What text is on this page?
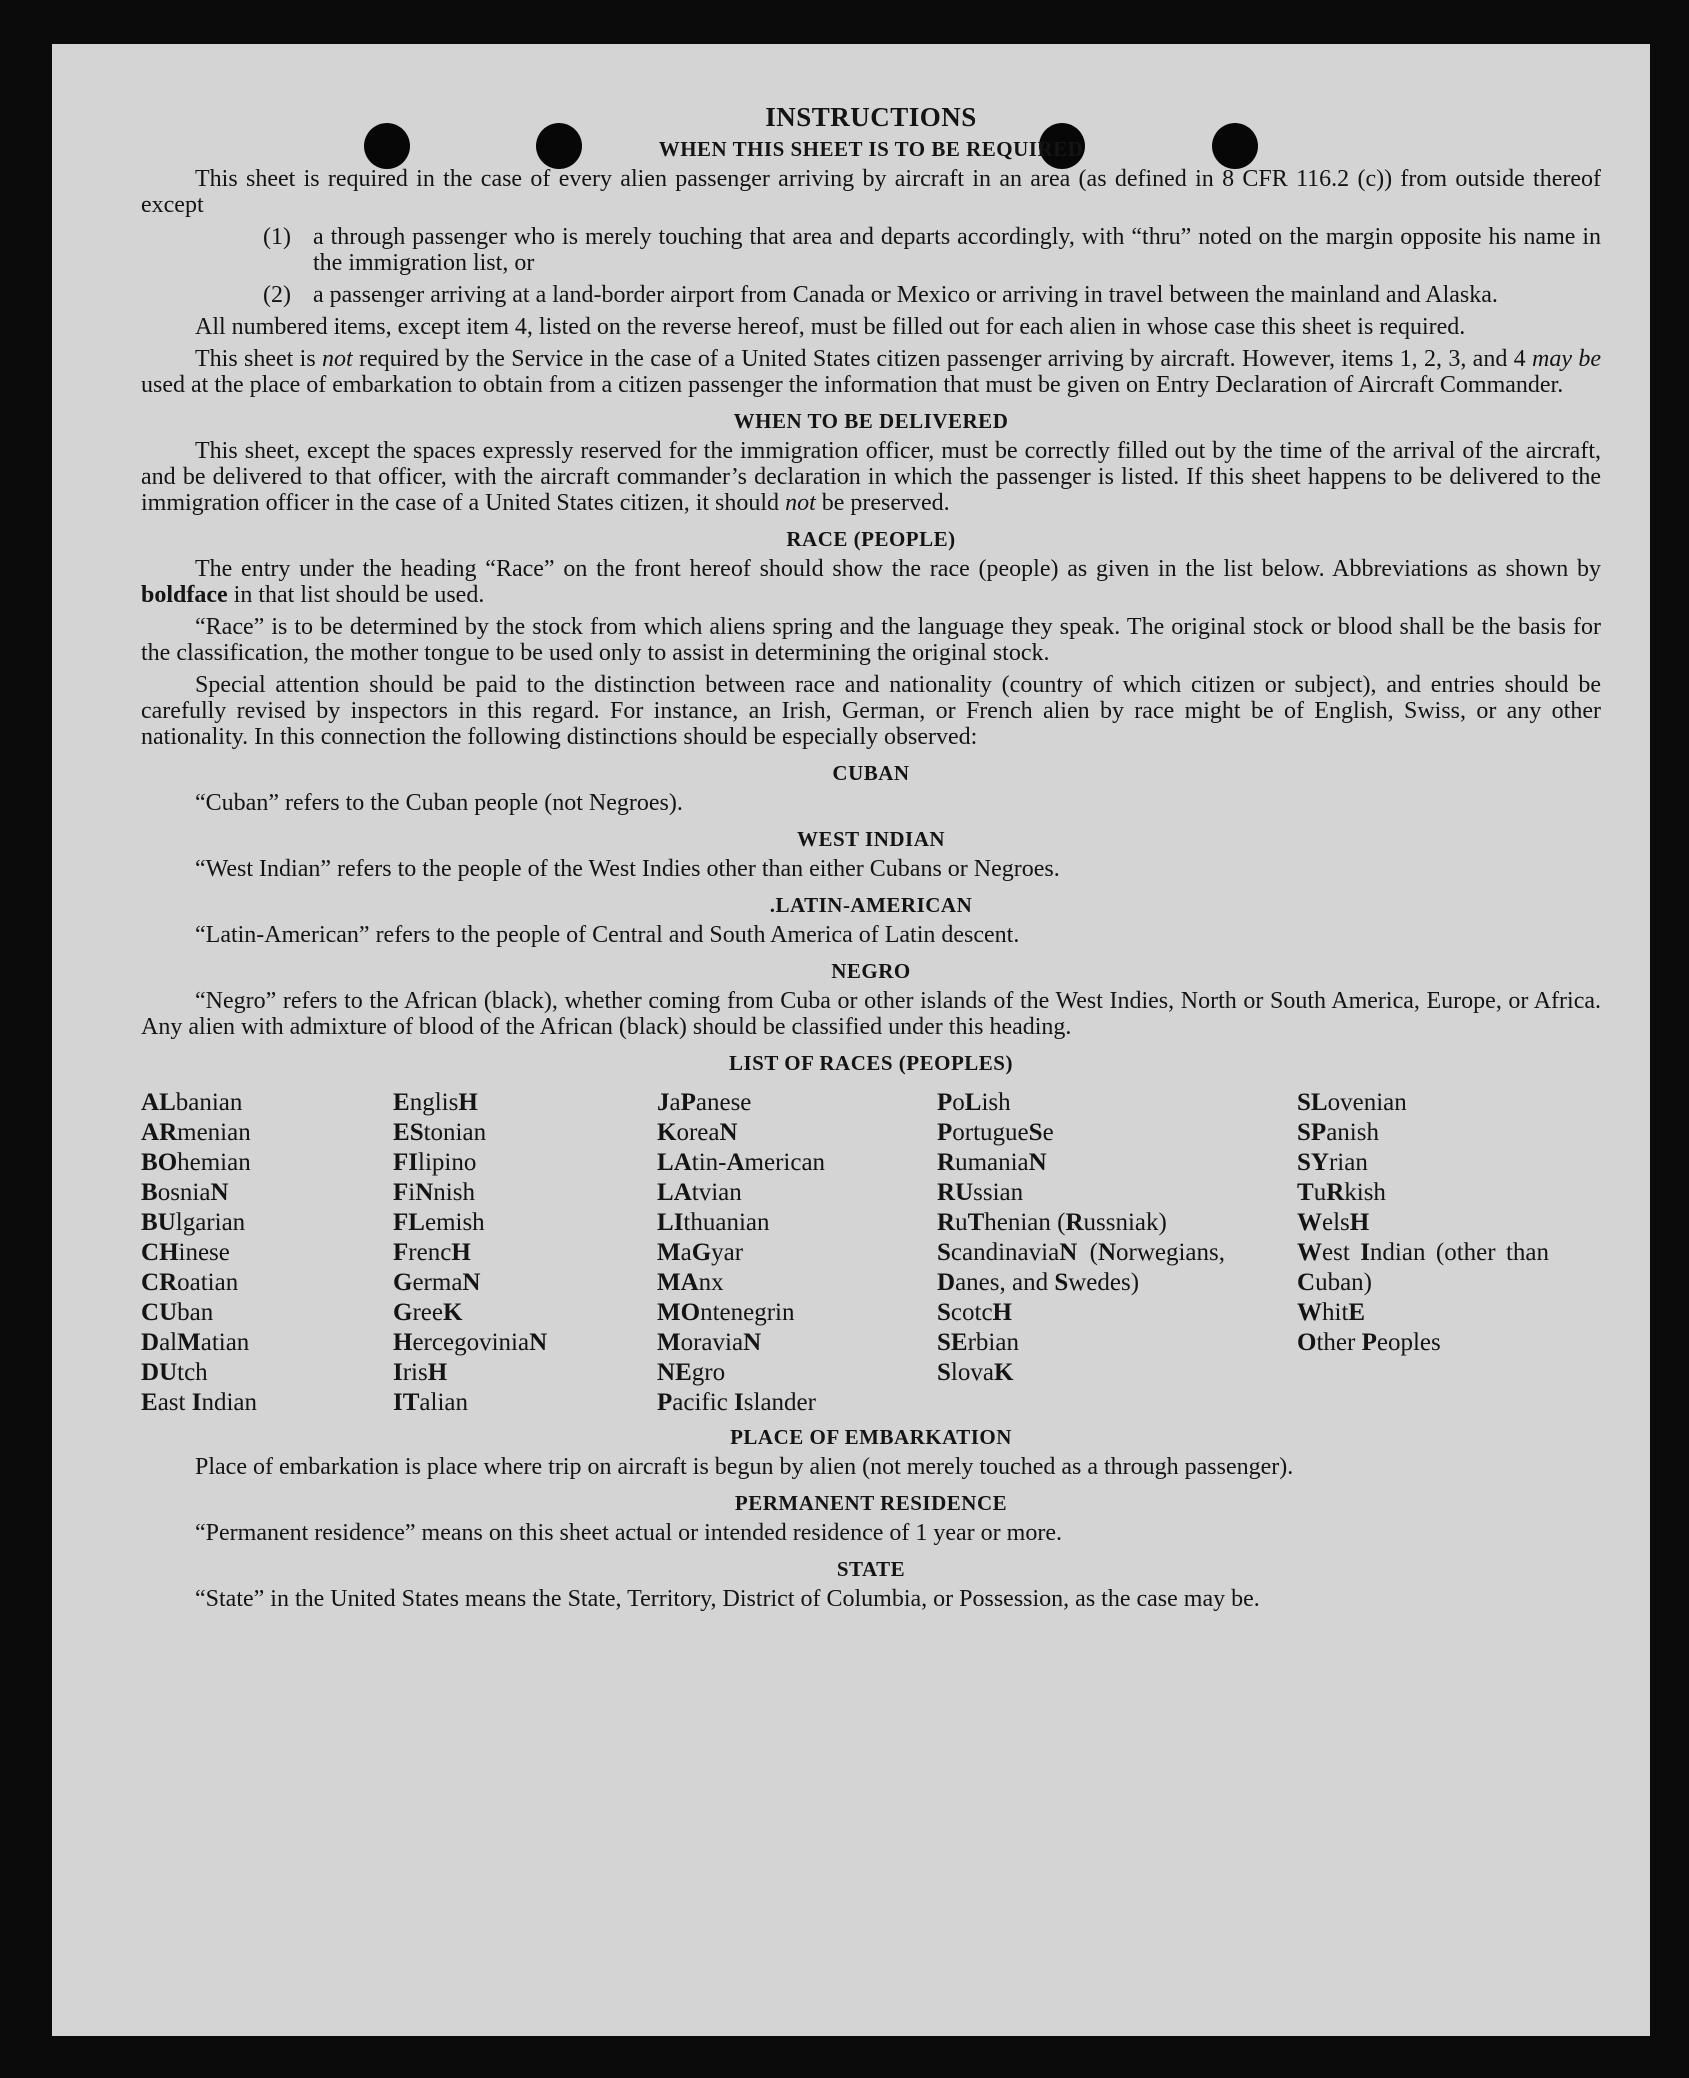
INSTRUCTIONS
WHEN THIS SHEET IS TO BE REQUIRED

This sheet is required in the case of every alien passenger arriving by aircraft in an area (as defined in 8 CFR 116.2 (c)) from outside thereof except

(1) a through passenger who is merely touching that area and departs accordingly, with “thru” noted on the margin opposite his name in the immigration list, or
(2) a passenger arriving at a land-border airport from Canada or Mexico or arriving in travel between the mainland and Alaska.

All numbered items, except item 4, listed on the reverse hereof, must be filled out for each alien in whose case this sheet is required.

This sheet is not required by the Service in the case of a United States citizen passenger arriving by aircraft. However, items 1, 2, 3, and 4 may be used at the place of embarkation to obtain from a citizen passenger the information that must be given on Entry Declaration of Aircraft Commander.

WHEN TO BE DELIVERED

This sheet, except the spaces expressly reserved for the immigration officer, must be correctly filled out by the time of the arrival of the aircraft, and be delivered to that officer, with the aircraft commander’s declaration in which the passenger is listed. If this sheet happens to be delivered to the immigration officer in the case of a United States citizen, it should not be preserved.

RACE (PEOPLE)

The entry under the heading “Race” on the front hereof should show the race (people) as given in the list below. Abbreviations as shown by boldface in that list should be used.

“Race” is to be determined by the stock from which aliens spring and the language they speak. The original stock or blood shall be the basis for the classification, the mother tongue to be used only to assist in determining the original stock.

Special attention should be paid to the distinction between race and nationality (country of which citizen or subject), and entries should be carefully revised by inspectors in this regard. For instance, an Irish, German, or French alien by race might be of English, Swiss, or any other nationality. In this connection the following distinctions should be especially observed:

CUBAN

“Cuban” refers to the Cuban people (not Negroes).

WEST INDIAN

“West Indian” refers to the people of the West Indies other than either Cubans or Negroes.

.LATIN-AMERICAN

“Latin-American” refers to the people of Central and South America of Latin descent.

NEGRO

“Negro” refers to the African (black), whether coming from Cuba or other islands of the West Indies, North or South America, Europe, or Africa. Any alien with admixture of blood of the African (black) should be classified under this heading.

LIST OF RACES (PEOPLES)
ALbanian
ARmenian
BOhemian
BosniaN
BUlgarian
CHinese
CRoatian
CUban
DalMatian
DUtch
East Indian
EnglisH
EStonian
FIlipino
FiNnish
FLemish
FrencH
GermaN
GreeK
HercegoviniaN
IrisH
ITalian
JaPanese
KoreaN
LAtin-American
LAtvian
LIthuanian
MaGyar
MAnx
MOntenegrin
MoraviaN
NEgro
Pacific Islander
PoLish
PortugueSe
RumaniaN
RUssian
RuThenian (Russniak)
ScandinaviaN (Norwegians, Danes, and Swedes)
ScotcH
SErbian
SlovaK
SLovenian
SPanish
SYrian
TuRkish
WelsH
West Indian (other than Cuban)
WhitE
Other Peoples
PLACE OF EMBARKATION

Place of embarkation is place where trip on aircraft is begun by alien (not merely touched as a through passenger).

PERMANENT RESIDENCE

“Permanent residence” means on this sheet actual or intended residence of 1 year or more.

STATE

“State” in the United States means the State, Territory, District of Columbia, or Possession, as the case may be.
